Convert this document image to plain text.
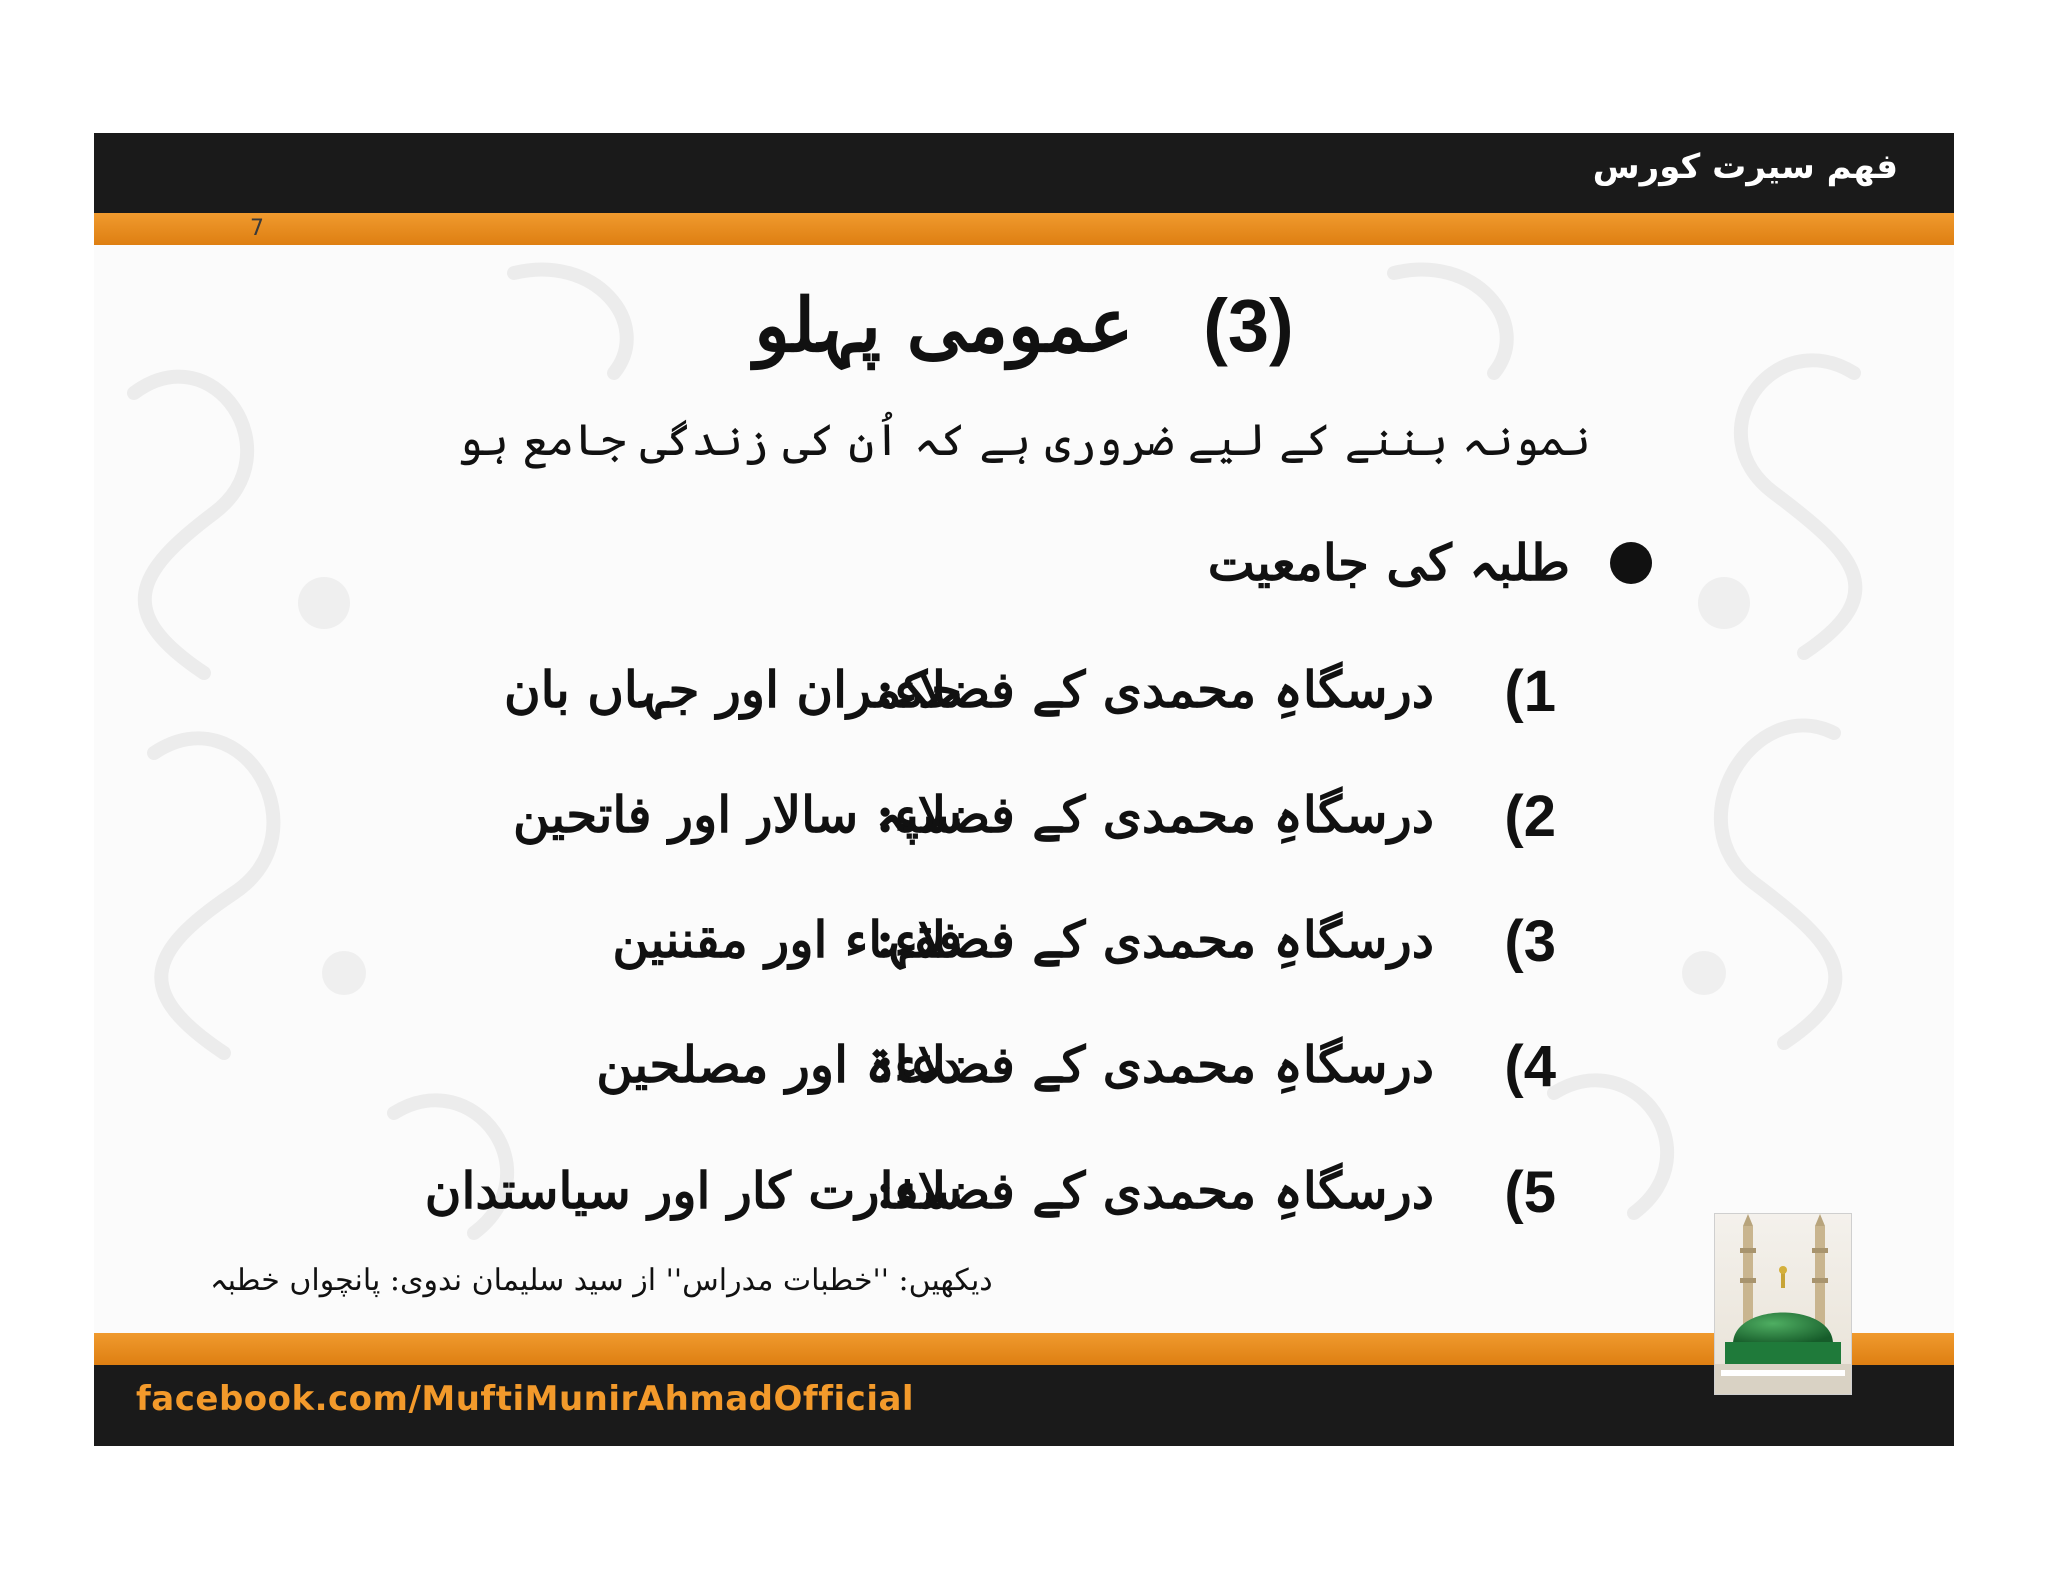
فهم سیرت کورس
7
(3)عمومی پہلو
نمونہ بننے کے لیے ضروری ہے کہ اُن کی زندگی جامع ہو
طلبہ کی جامعیت
(1
درسگاہِ محمدی کے فضلاء:
حکمران اور جہاں بان
(2
درسگاہِ محمدی کے فضلاء:
سپہ سالار اور فاتحین
(3
درسگاہِ محمدی کے فضلاء:
فقہاء اور مقننین
(4
درسگاہِ محمدی کے فضلاء:
دعاۃ اور مصلحین
(5
درسگاہِ محمدی کے فضلاء:
سفارت کار اور سیاستدان
دیکھیں: ''خطبات مدراس'' از سید سلیمان ندوی: پانچواں خطبہ
facebook.com/MuftiMunirAhmadOfficial
